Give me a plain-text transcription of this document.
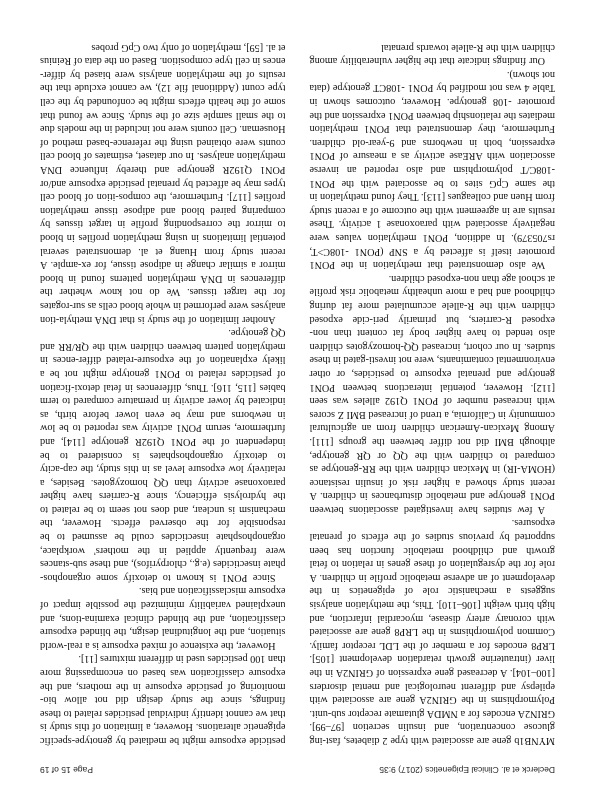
Declerck et al. Clinical Epigenetics (2017) 9:35
Page 15 of 19

MYNB1b gene are associated with type 2 diabetes, fast-ing glucose concentration, and insulin secretion [97–99]. GRIN2A encodes for a NMDA glutamate receptor sub-unit. Polymorphisms in the GRIN2A gene are associated with epilepsy and different neurological and mental disorders [100–104]. A decreased gene expression of GRIN2A in the liver (intrauterine growth retardation development [105]. LRP8 encodes for a member of the LDL receptor family. Common polymorphisms in the LRP8 gene are associated with coronary artery disease, myocardial infarction, and high birth weight [106–110]. This, the methylation analysis suggests a mechanistic role of epigenetics in the development of an adverse metabolic profile in children. A role for the dysregulation of these genes in relation to fetal growth and childhood metabolic function has been supported by previous studies of the effects of prenatal exposures.

A few studies have investigated associations between PON1 genotype and metabolic disturbances in children. A recent study showed a higher risk of insulin resistance (HOMA-IR) in Mexican children with the RR-genotype as compared to children with the QQ or QR genotype, although BMI did not differ between the groups [111]. Among Mexican-American children from an agricultural community in California, a trend of increased BMI Z scores with increased number of PON1 Q192 alleles was seen [112]. However, potential interactions between PON1 genotype and prenatal exposure to pesticides, or other environmental contaminants, were not investi-gated in these studies. In our cohort, increased QQ-homozygotes children also tended to have higher body fat content than non-exposed R-carriers, but primarily peri-cide exposed children with the R-allele accumulated more fat during childhood and had a more unhealthy metabolic risk profile at school age than non-exposed children.

We also demonstrated that methylation in the PON1 promoter itself is affected by a SNP (PON1 -108C>T, rs705379). In addition, PON1 methylation values were negatively associated with paraoxonase 1 activity. These results are in agreement with the outcome of a recent study from Huen and colleagues [113]. They found methylation in the same CpG sites to be associated with the PON1 -108C/T polymorphism and also reported an inverse association with AREase activity as a measure of PON1 expression, both in newborns and 9-year-old children. Furthermore, they demonstrated that PON1 methylation mediates the relationship between PON1 expression and the promoter -108 genotype. However, outcomes shown in Table 4 was not modified by PON1 -108CT genotype (data not shown).

Our findings indicate that the higher vulnerability among children with the R-allele towards prenatal

pesticide exposure might be mediated by genotype-specific epigenetic alterations. However, a limitation of this study is that we cannot identify individual pesticides related to these findings, since the study design did not allow bio-monitoring of pesticide exposure in the mothers, and the exposure classification was based on encompassing more than 100 pesticides used in different mixtures [11].

However, the existence of mixed exposure is a real-world situation, and the longitudinal design, the blinded exposure classification, and the blinded clinical examina-tions, and unexplained variability minimized the possible impact of exposure misclassification and bias.

Since PON1 is known to detoxify some organophos-phate insecticides (e.g., chlorpyrifos), and these sub-stances were frequently applied in the mothers' workplace, organophosphate insecticides could be assumed to be responsible for the observed effects. However, the mechanism is unclear, and does not seem to be related to the hydrolysis efficiency, since R-carriers have higher paraoxonase activity than QQ homozygotes. Besides, a relatively low exposure level as in this study, the cap-acity to detoxify organophosphates is considered to be independent of the PON1 Q192R genotype [114], and furthermore, serum PON1 activity was reported to be low in newborns and may be even lower before birth, as indicated by lower activity in premature compared to term babies [115, 116]. Thus, differences in fetal detoxi-fication of pesticides related to PON1 genotype might not be a likely explanation of the exposure-related differ-ences in methylation pattern between children with the QR/RR and QQ genotype.

Another limitation of the study is that DNA methyla-tion analyses were performed in whole blood cells as sur-rogates for the target tissues. We do not know whether the differences in DNA methylation patterns found in blood mirror a similar change in adipose tissue, for ex-ample. A recent study from Huang et al. demonstrated several potential limitations in using methylation profiles in blood to mirror the corresponding profile in target tissues by comparing paired blood and adipose tissue methylation profiles [117]. Furthermore, the compos-ition of blood cell types may be affected by prenatal pesticide exposure and/or PON1 Q192R genotype and thereby influence DNA methylation analyses. In our dataset, estimates of blood cell counts were obtained using the reference-based method of Houseman. Cell counts were not included in the models due to the small sample size of the study. Since we found that some of the health effects might be confounded by the cell type count (Additional file 12), we cannot exclude that the results of the methylation analysis were biased by differ-ences in cell type composition. Based on the data of Reinius et al. [59], methylation of only two CpG probes
